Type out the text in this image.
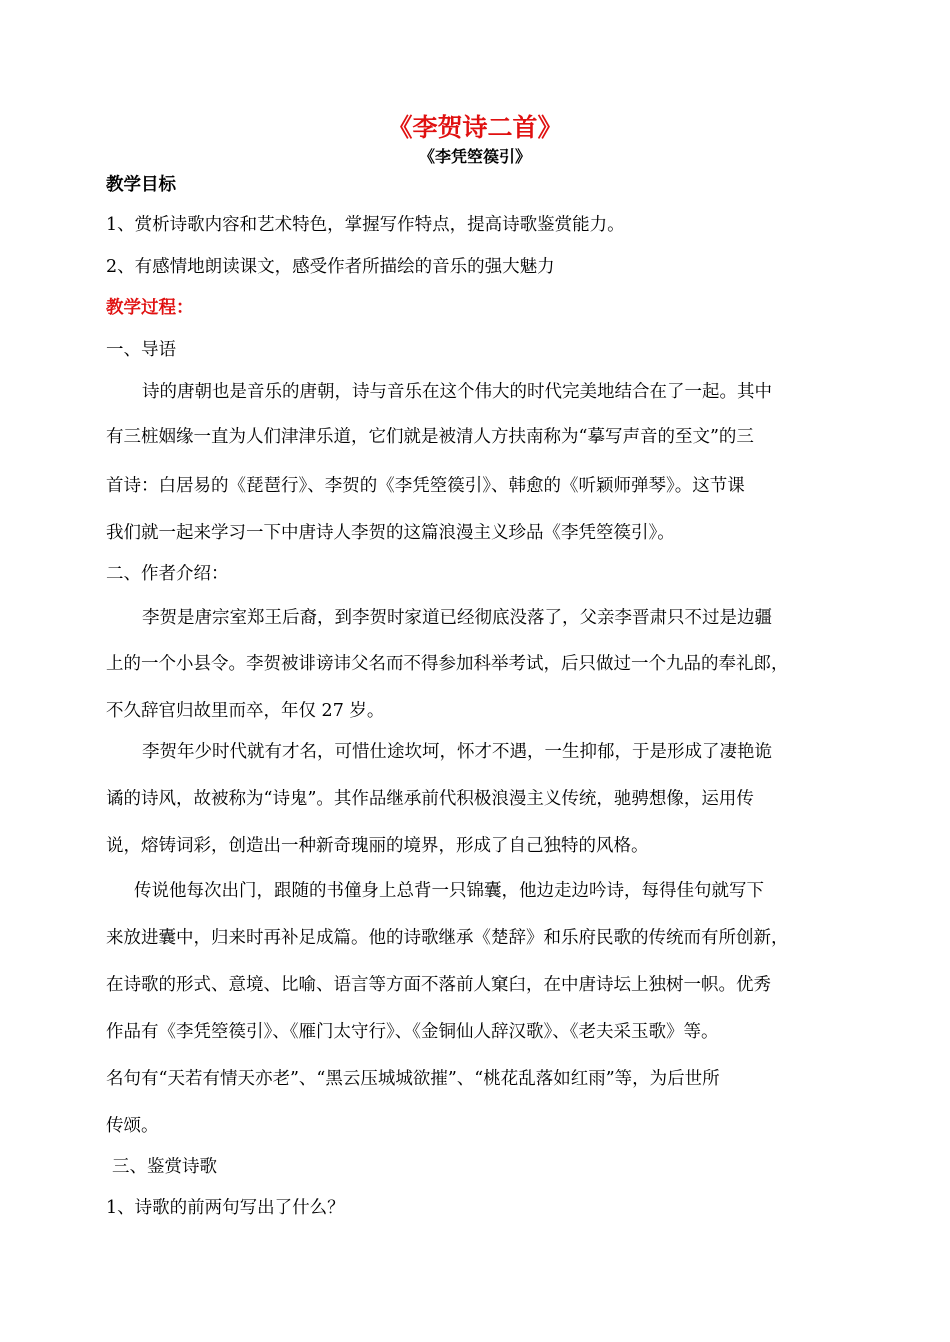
《李贺诗二首》
《李凭箜篌引》
教学目标
1、赏析诗歌内容和艺术特色，掌握写作特点，提高诗歌鉴赏能力。
2、有感情地朗读课文，感受作者所描绘的音乐的强大魅力
教学过程：
一、导语
诗的唐朝也是音乐的唐朝，诗与音乐在这个伟大的时代完美地结合在了一起。其中
有三桩姻缘一直为人们津津乐道，它们就是被清人方扶南称为“摹写声音的至文”的三
首诗：白居易的《琵琶行》、李贺的《李凭箜篌引》、韩愈的《听颖师弹琴》。这节课
我们就一起来学习一下中唐诗人李贺的这篇浪漫主义珍品《李凭箜篌引》。
二、作者介绍：
李贺是唐宗室郑王后裔，到李贺时家道已经彻底没落了，父亲李晋肃只不过是边疆
上的一个小县令。李贺被诽谤讳父名而不得参加科举考试，后只做过一个九品的奉礼郎，
不久辞官归故里而卒，年仅 27 岁。
李贺年少时代就有才名，可惜仕途坎坷，怀才不遇，一生抑郁，于是形成了凄艳诡
谲的诗风，故被称为“诗鬼”。其作品继承前代积极浪漫主义传统，驰骋想像，运用传
说，熔铸词彩，创造出一种新奇瑰丽的境界，形成了自己独特的风格。
传说他每次出门，跟随的书僮身上总背一只锦囊，他边走边吟诗，每得佳句就写下
来放进囊中，归来时再补足成篇。他的诗歌继承《楚辞》和乐府民歌的传统而有所创新，
在诗歌的形式、意境、比喻、语言等方面不落前人窠臼，在中唐诗坛上独树一帜。优秀
作品有《李凭箜篌引》、《雁门太守行》、《金铜仙人辞汉歌》、《老夫采玉歌》等。
名句有“天若有情天亦老”、“黑云压城城欲摧”、“桃花乱落如红雨”等，为后世所
传颂。
三、鉴赏诗歌
1、诗歌的前两句写出了什么？
